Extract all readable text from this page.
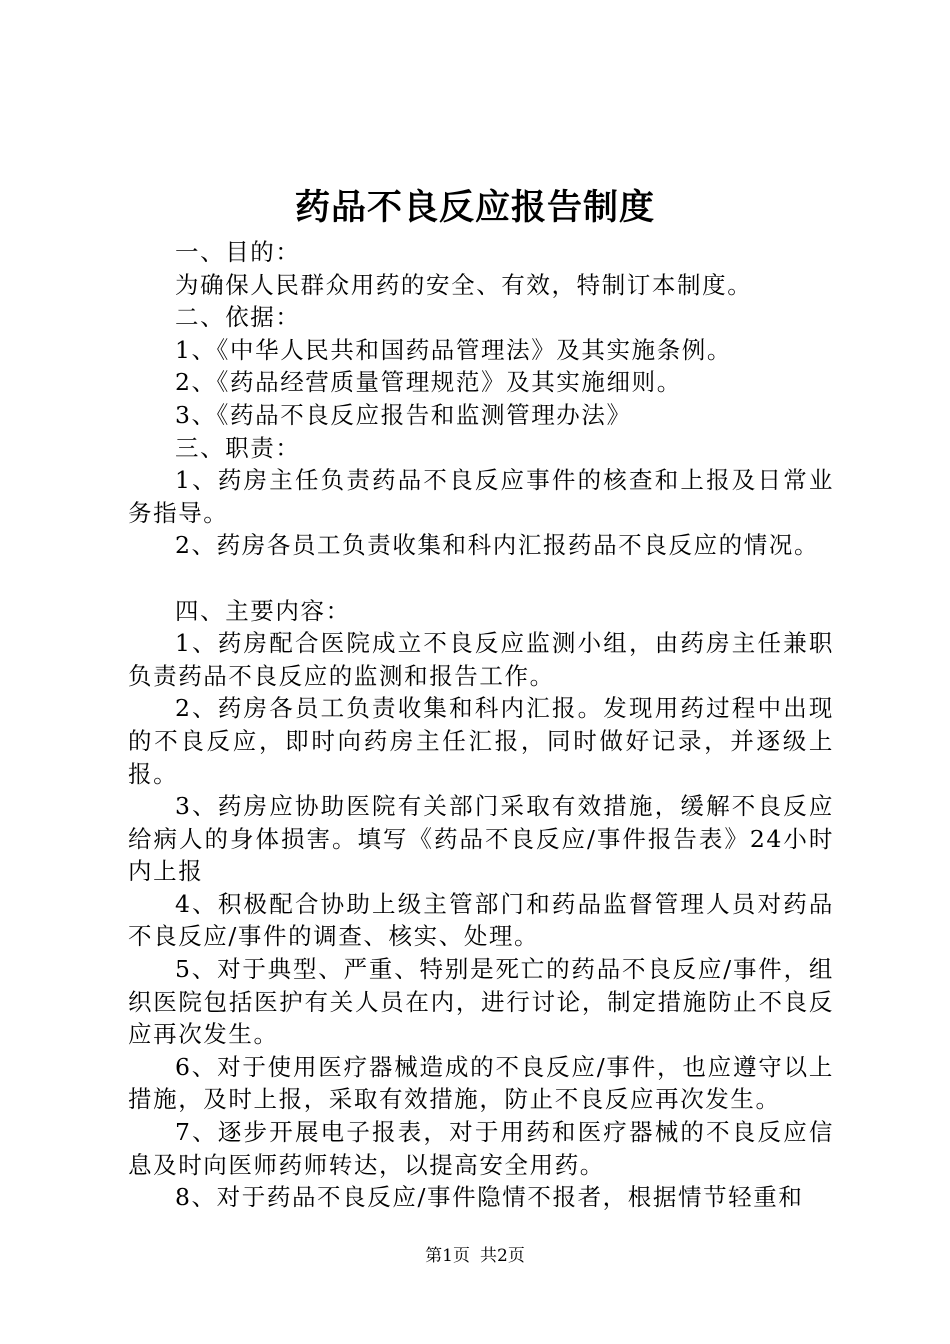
药品不良反应报告制度

一、目的：

为确保人民群众用药的安全、有效，特制订本制度。

二、依据：

1、《中华人民共和国药品管理法》及其实施条例。

2、《药品经营质量管理规范》及其实施细则。

3、《药品不良反应报告和监测管理办法》

三、职责：

1、药房主任负责药品不良反应事件的核查和上报及日常业务指导。

2、药房各员工负责收集和科内汇报药品不良反应的情况。

四、主要内容：

1、药房配合医院成立不良反应监测小组，由药房主任兼职负责药品不良反应的监测和报告工作。

2、药房各员工负责收集和科内汇报。发现用药过程中出现的不良反应，即时向药房主任汇报，同时做好记录，并逐级上报。

3、药房应协助医院有关部门采取有效措施，缓解不良反应给病人的身体损害。填写《药品不良反应/事件报告表》24小时内上报

4、积极配合协助上级主管部门和药品监督管理人员对药品不良反应/事件的调查、核实、处理。

5、对于典型、严重、特别是死亡的药品不良反应/事件，组织医院包括医护有关人员在内，进行讨论，制定措施防止不良反应再次发生。

6、对于使用医疗器械造成的不良反应/事件，也应遵守以上措施，及时上报，采取有效措施，防止不良反应再次发生。

7、逐步开展电子报表，对于用药和医疗器械的不良反应信息及时向医师药师转达，以提高安全用药。

8、对于药品不良反应/事件隐情不报者，根据情节轻重和

第1页 共2页
